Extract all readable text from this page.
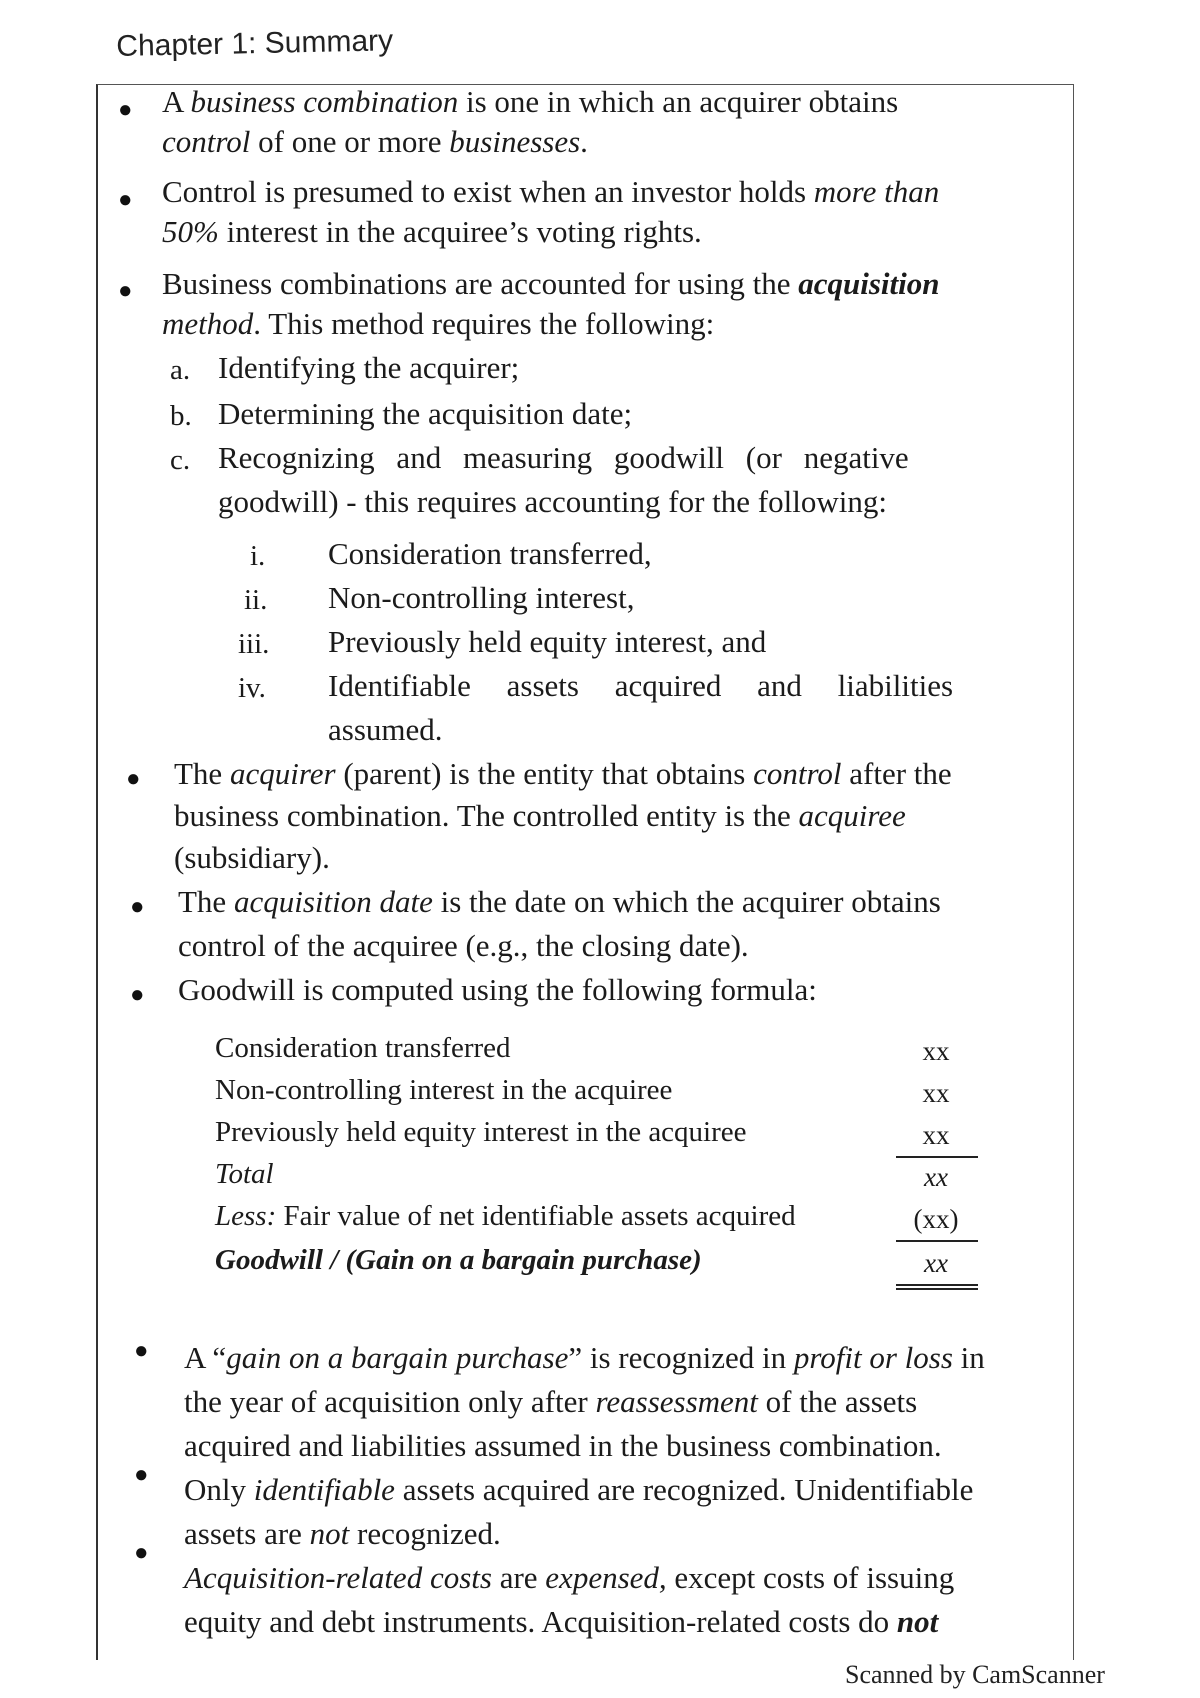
Chapter 1: Summary
● A business combination is one in which an acquirer obtains
control of one or more businesses.
● Control is presumed to exist when an investor holds more than
50% interest in the acquiree’s voting rights.
● Business combinations are accounted for using the acquisition
method. This method requires the following:
a. Identifying the acquirer;
b. Determining the acquisition date;
c. Recognizing and measuring goodwill (or negative
goodwill) - this requires accounting for the following:
i. Consideration transferred,
ii. Non-controlling interest,
iii. Previously held equity interest, and
iv. Identifiable assets acquired and liabilities
assumed.
● The acquirer (parent) is the entity that obtains control after the
business combination. The controlled entity is the acquiree
(subsidiary).
● The acquisition date is the date on which the acquirer obtains
control of the acquiree (e.g., the closing date).
● Goodwill is computed using the following formula:
Consideration transferred	xx
Non-controlling interest in the acquiree	xx
Previously held equity interest in the acquiree	xx
Total	xx
Less: Fair value of net identifiable assets acquired	(xx)
Goodwill / (Gain on a bargain purchase)	xx
● A “gain on a bargain purchase” is recognized in profit or loss in
the year of acquisition only after reassessment of the assets
acquired and liabilities assumed in the business combination.
● Only identifiable assets acquired are recognized. Unidentifiable
assets are not recognized.
●
Acquisition-related costs are expensed, except costs of issuing
equity and debt instruments. Acquisition-related costs do not
Scanned by CamScanner
